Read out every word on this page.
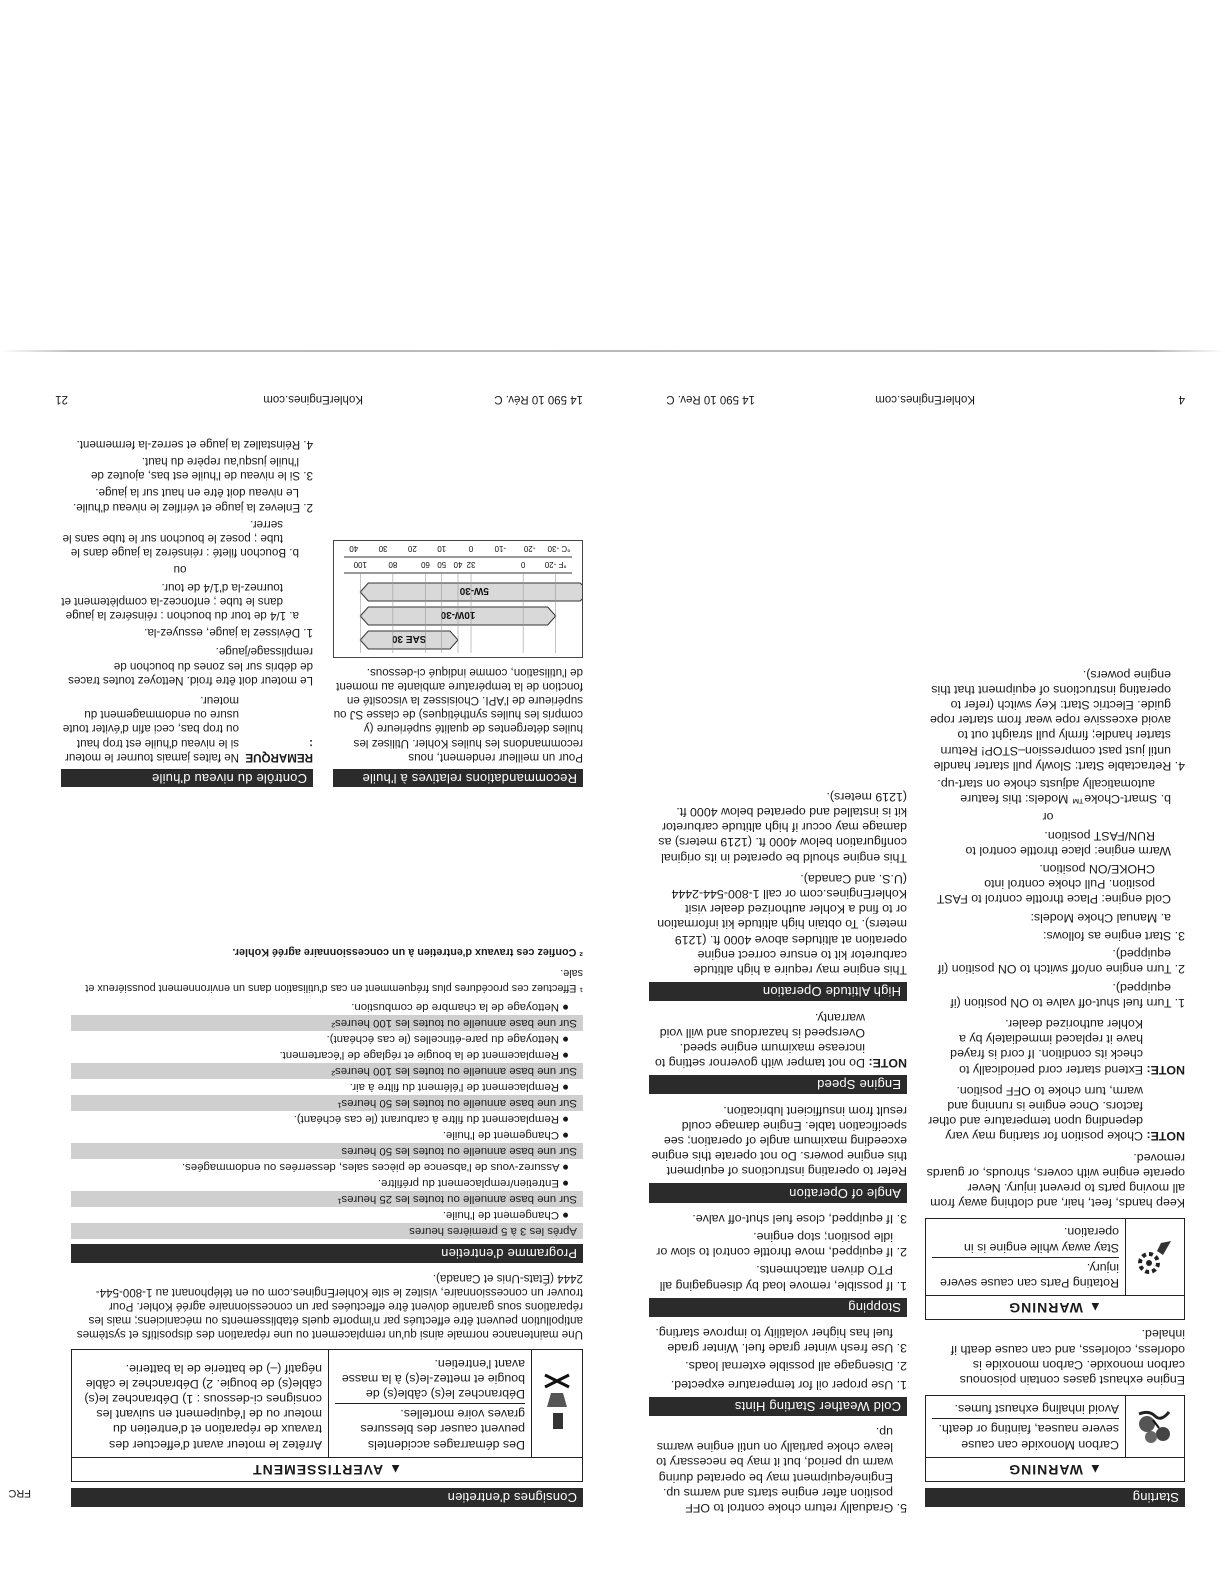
Starting
▲WARNING
Carbon Monoxide can cause severe nausea, fainting or death.
Avoid inhaling exhaust fumes.

Engine exhaust gases contain poisonous carbon monoxide. Carbon monoxide is odorless, colorless, and can cause death if inhaled.

▲WARNING
Rotating Parts can cause severe injury.
Stay away while engine is in operation.

Keep hands, feet, hair, and clothing away from all moving parts to prevent injury. Never operate engine with covers, shrouds, or guards removed.

NOTE:
Choke position for starting may vary depending upon temperature and other factors. Once engine is running and warm, turn choke to OFF position.
NOTE:
Extend starter cord periodically to check its condition. If cord is frayed have it replaced immediately by a Kohler authorized dealer.
1. Turn fuel shut-off valve to ON position (if equipped).
2. Turn engine on/off switch to ON position (if equipped).
3. Start engine as follows:
a. Manual Choke Models:
Cold engine: Place throttle control to FAST position. Pull choke control into CHOKE/ON position.
Warm engine: place throttle control to RUN/FAST position.
or
b. Smart-Choke™ Models: this feature automatically adjusts choke on start-up.
4. Retractable Start: Slowly pull starter handle until just past compression–STOP! Return starter handle; firmly pull straight out to avoid excessive rope wear from starter rope guide. Electric Start: Key switch (refer to operating instructions of equipment that this engine powers).
5. Gradually return choke control to OFF position after engine starts and warms up. Engine/equipment may be operated during warm up period, but it may be necessary to leave choke partially on until engine warms up.
Cold Weather Starting Hints
1. Use proper oil for temperature expected.
2. Disengage all possible external loads.
3. Use fresh winter grade fuel. Winter grade fuel has higher volatility to improve starting.
Stopping
1. If possible, remove load by disengaging all PTO driven attachments.
2. If equipped, move throttle control to slow or idle position; stop engine.
3. If equipped, close fuel shut-off valve.
Angle of Operation

Refer to operating instructions of equipment this engine powers. Do not operate this engine exceeding maximum angle of operation; see specification table. Engine damage could result from insufficient lubrication.

Engine Speed
NOTE:
Do not tamper with governor setting to increase maximum engine speed. Overspeed is hazardous and will void warranty.
High Altitude Operation

This engine may require a high altitude carburetor kit to ensure correct engine operation at altitudes above 4000 ft. (1219 meters). To obtain high altitude kit information or to find a Kohler authorized dealer visit KohlerEngines.com or call 1-800-544-2444 (U.S. and Canada).

This engine should be operated in its original configuration below 4000 ft. (1219 meters) as damage may occur if high altitude carburetor kit is installed and operated below 4000 ft. (1219 meters).

4
KohlerEngines.com
14 590 10 Rev. C
FRC	Consignes d'entretien
▲AVERTISSEMENT
Des démarrages accidentels peuvent causer des blessures graves voire mortelles.
Débranchez le(s) câble(s) de bougie et mettez-le(s) à la masse avant l'entretien.
Arrêtez le moteur avant d'effectuer des travaux de réparation et d'entretien du moteur ou de l'équipement en suivant les consignes ci-dessous : 1) Débranchez le(s) câble(s) de bougie. 2) Débranchez le câble négatif (–) de batterie de la batterie.

Une maintenance normale ainsi qu'un remplacement ou une réparation des dispositifs et systèmes antipollution peuvent être effectués par n'importe quels établissements ou mécaniciens; mais les réparations sous garantie doivent être effectuées par un concessionnaire agréé Kohler. Pour trouver un concessionnaire, visitez le site KohlerEngines.com ou en téléphonant au 1-800-544-2444 (États-Unis et Canada).

Programme d'entretien
Après les 3 à 5 premières heures
● Changement de l'huile.
Sur une base annuelle ou toutes les 25 heures¹
● Entretien/remplacement du préfiltre.
● Assurez-vous de l'absence de pièces sales, desserrées ou endommagées.
Sur une base annuelle ou toutes les 50 heures
● Changement de l'huile.
● Remplacement du filtre à carburant (le cas échéant).
Sur une base annuelle ou toutes les 50 heures¹
● Remplacement de l'élément du filtre à air.
Sur une base annuelle ou toutes les 100 heures²
● Remplacement de la bougie et réglage de l'écartement.
● Nettoyage du pare-étincelles (le cas échéant).
Sur une base annuelle ou toutes les 100 heures²
● Nettoyage de la chambre de combustion.
¹ Effectuez ces procédures plus fréquemment en cas d'utilisation dans un environnement poussiéreux et sale.
² Confiez ces travaux d'entretien à un concessionnaire agréé Kohler.
Recommandations relatives à l'huile

Pour un meilleur rendement, nous recommandons les huiles Kohler. Utilisez les huiles détergentes de qualité supérieure (y compris les huiles synthétiques) de classe SJ ou supérieure de l'API. Choisissez la viscosité en fonction de la température ambiante au moment de l'utilisation, comme indiqué ci-dessous.

SAE 30
10W-30
5W-30
°F -20
0
32
40
50
60
80
100
°C -30
-20
-10
0
10
20
30
40
Contrôle du niveau d'huile
REMARQUE :
Ne faites jamais tourner le moteur si le niveau d'huile est trop haut ou trop bas, ceci afin d'éviter toute usure ou endommagement du moteur.

Le moteur doit être froid. Nettoyez toutes traces de débris sur les zones du bouchon de remplissage/jauge.

1. Dévissez la jauge, essuyez-la.
a. 1/4 de tour du bouchon : réinsérez la jauge dans le tube ; enfoncez-la complètement et tournez-la d'1/4 de tour.
ou
b. Bouchon fileté : réinsérez la jauge dans le tube ; posez le bouchon sur le tube sans le serrer.
2. Enlevez la jauge et vérifiez le niveau d'huile. Le niveau doit être en haut sur la jauge.
3. Si le niveau de l'huile est bas, ajoutez de l'huile jusqu'au repère du haut.
4. Réinstallez la jauge et serrez-la fermement.
14 590 10 Rév. C
KohlerEngines.com
21
